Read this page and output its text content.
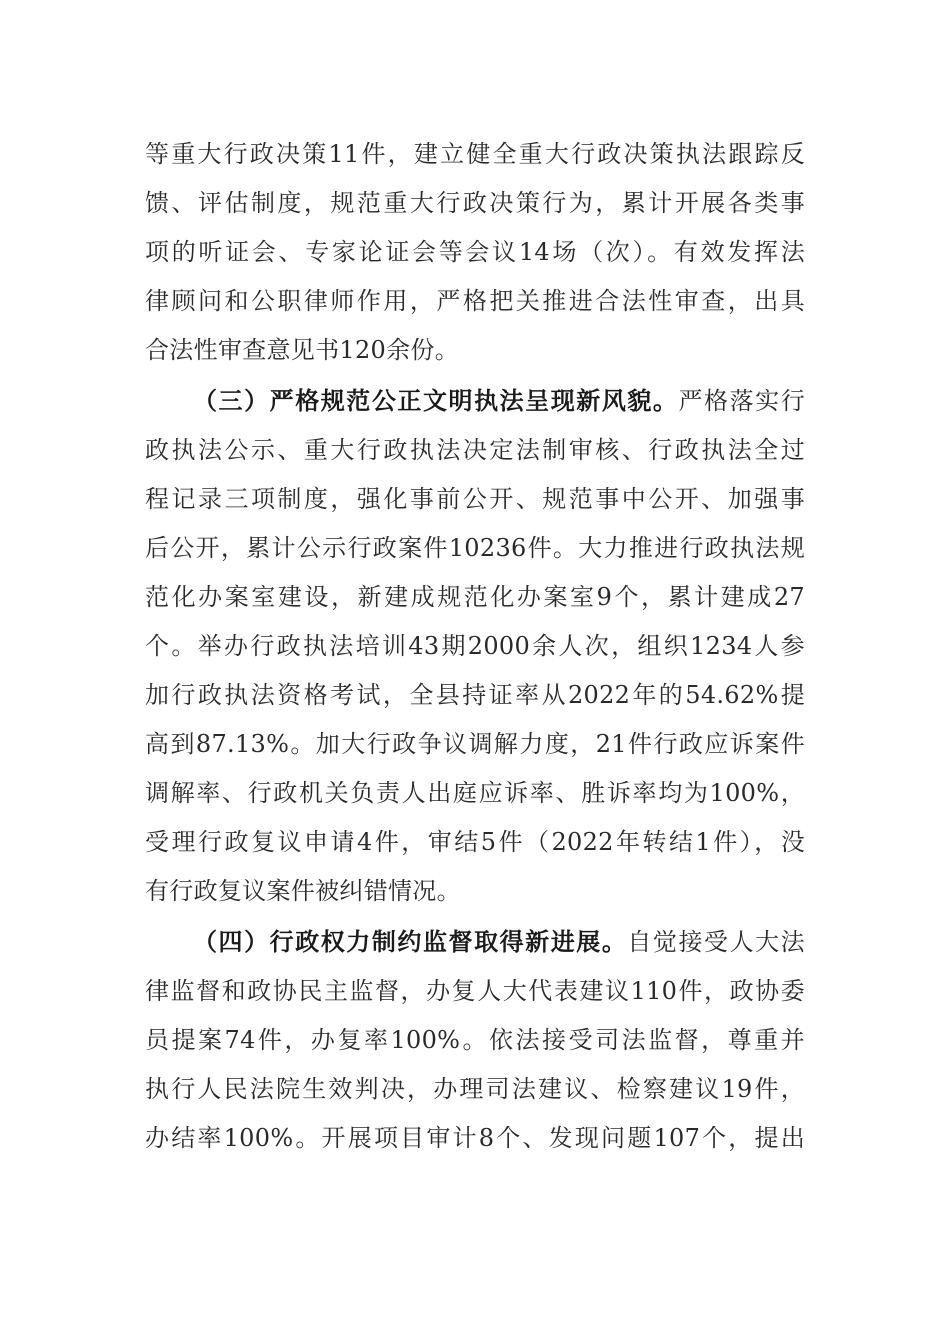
等重大行政决策11件，建立健全重大行政决策执法跟踪反
馈、评估制度，规范重大行政决策行为，累计开展各类事
项的听证会、专家论证会等会议14场（次）。有效发挥法
律顾问和公职律师作用，严格把关推进合法性审查，出具
合法性审查意见书120余份。
（三）严格规范公正文明执法呈现新风貌。严格落实行
政执法公示、重大行政执法决定法制审核、行政执法全过
程记录三项制度，强化事前公开、规范事中公开、加强事
后公开，累计公示行政案件10236件。大力推进行政执法规
范化办案室建设，新建成规范化办案室9个，累计建成27
个。举办行政执法培训43期2000余人次，组织1234人参
加行政执法资格考试，全县持证率从2022年的54.62%提
高到87.13%。加大行政争议调解力度，21件行政应诉案件
调解率、行政机关负责人出庭应诉率、胜诉率均为100%，
受理行政复议申请4件，审结5件（2022年转结1件），没
有行政复议案件被纠错情况。
（四）行政权力制约监督取得新进展。自觉接受人大法
律监督和政协民主监督，办复人大代表建议110件，政协委
员提案74件，办复率100%。依法接受司法监督，尊重并
执行人民法院生效判决，办理司法建议、检察建议19件，
办结率100%。开展项目审计8个、发现问题107个，提出
